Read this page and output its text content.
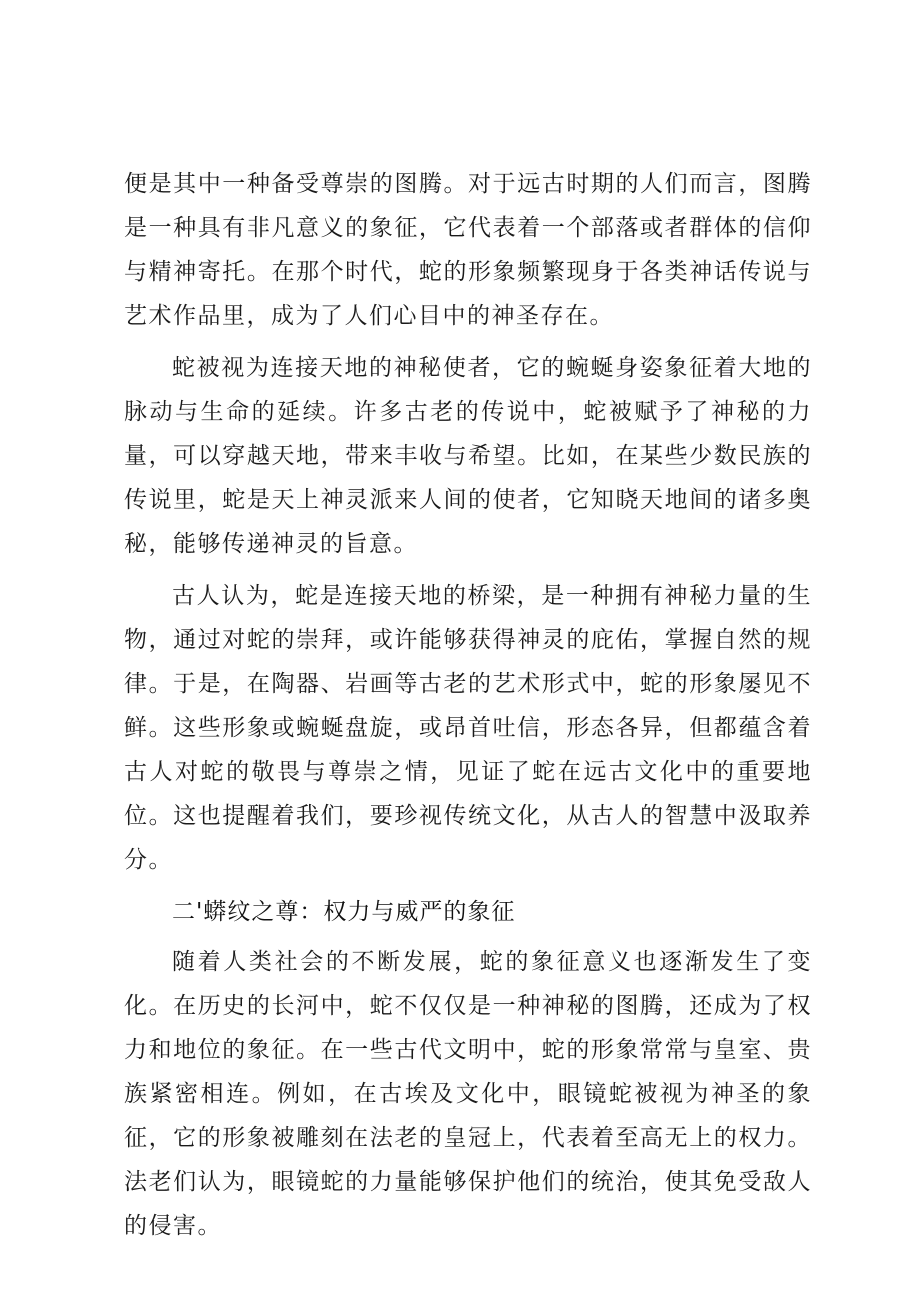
便是其中一种备受尊崇的图腾。对于远古时期的人们而言，图腾是一种具有非凡意义的象征，它代表着一个部落或者群体的信仰与精神寄托。在那个时代，蛇的形象频繁现身于各类神话传说与艺术作品里，成为了人们心目中的神圣存在。

蛇被视为连接天地的神秘使者，它的蜿蜒身姿象征着大地的脉动与生命的延续。许多古老的传说中，蛇被赋予了神秘的力量，可以穿越天地，带来丰收与希望。比如，在某些少数民族的传说里，蛇是天上神灵派来人间的使者，它知晓天地间的诸多奥秘，能够传递神灵的旨意。

古人认为，蛇是连接天地的桥梁，是一种拥有神秘力量的生物，通过对蛇的崇拜，或许能够获得神灵的庇佑，掌握自然的规律。于是，在陶器、岩画等古老的艺术形式中，蛇的形象屡见不鲜。这些形象或蜿蜒盘旋，或昂首吐信，形态各异，但都蕴含着古人对蛇的敬畏与尊崇之情，见证了蛇在远古文化中的重要地位。这也提醒着我们，要珍视传统文化，从古人的智慧中汲取养分。

二'蟒纹之尊：权力与威严的象征

随着人类社会的不断发展，蛇的象征意义也逐渐发生了变化。在历史的长河中，蛇不仅仅是一种神秘的图腾，还成为了权力和地位的象征。在一些古代文明中，蛇的形象常常与皇室、贵族紧密相连。例如，在古埃及文化中，眼镜蛇被视为神圣的象征，它的形象被雕刻在法老的皇冠上，代表着至高无上的权力。法老们认为，眼镜蛇的力量能够保护他们的统治，使其免受敌人的侵害。
